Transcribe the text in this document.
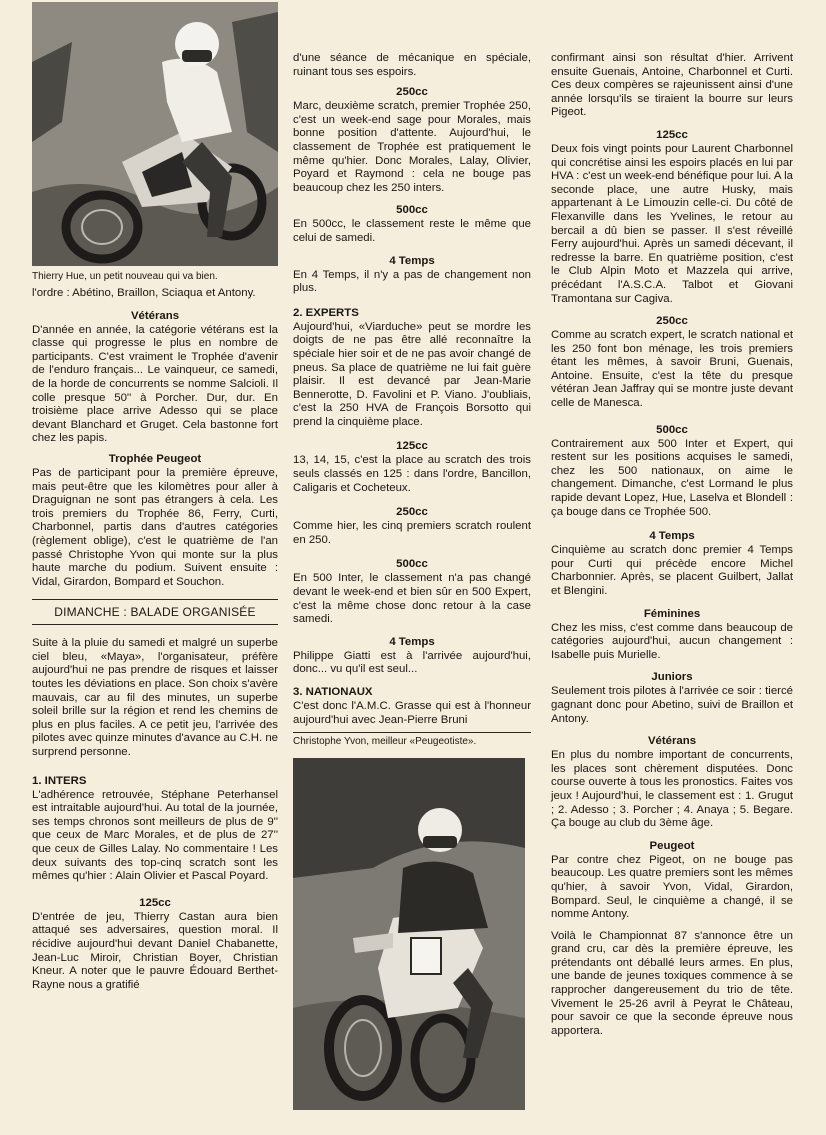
Thierry Hue, un petit nouveau qui va bien.

l'ordre : Abétino, Braillon, Sciaqua et Antony.

Vétérans

D'année en année, la catégorie vétérans est la classe qui progresse le plus en nombre de participants. C'est vraiment le Trophée d'avenir de l'enduro français... Le vainqueur, ce samedi, de la horde de concurrents se nomme Salcioli. Il colle presque 50'' à Porcher. Dur, dur. En troisième place arrive Adesso qui se place devant Blanchard et Gruget. Cela bastonne fort chez les papis.

Trophée Peugeot

Pas de participant pour la première épreuve, mais peut-être que les kilomètres pour aller à Draguignan ne sont pas étrangers à cela. Les trois premiers du Trophée 86, Ferry, Curti, Charbonnel, partis dans d'autres catégories (règlement oblige), c'est le quatrième de l'an passé Christophe Yvon qui monte sur la plus haute marche du podium. Suivent ensuite : Vidal, Girardon, Bompard et Souchon.

DIMANCHE : BALADE ORGANISÉE

Suite à la pluie du samedi et malgré un superbe ciel bleu, «Maya», l'organisateur, préfère aujourd'hui ne pas prendre de risques et laisser toutes les déviations en place. Son choix s'avère mauvais, car au fil des minutes, un superbe soleil brille sur la région et rend les chemins de plus en plus faciles. A ce petit jeu, l'arrivée des pilotes avec quinze minutes d'avance au C.H. ne surprend personne.

1. INTERS

L'adhérence retrouvée, Stéphane Peterhansel est intraitable aujourd'hui. Au total de la journée, ses temps chronos sont meilleurs de plus de 9'' que ceux de Marc Morales, et de plus de 27'' que ceux de Gilles Lalay. No commentaire ! Les deux suivants des top-cinq scratch sont les mêmes qu'hier : Alain Olivier et Pascal Poyard.

125cc

D'entrée de jeu, Thierry Castan aura bien attaqué ses adversaires, question moral. Il récidive aujourd'hui devant Daniel Chabanette, Jean-Luc Miroir, Christian Boyer, Christian Kneur. A noter que le pauvre Édouard Berthet-Rayne nous a gratifié

d'une séance de mécanique en spéciale, ruinant tous ses espoirs.

250cc

Marc, deuxième scratch, premier Trophée 250, c'est un week-end sage pour Morales, mais bonne position d'attente. Aujourd'hui, le classement de Trophée est pratiquement le même qu'hier. Donc Morales, Lalay, Olivier, Poyard et Raymond : cela ne bouge pas beaucoup chez les 250 inters.

500cc

En 500cc, le classement reste le même que celui de samedi.

4 Temps

En 4 Temps, il n'y a pas de changement non plus.

2. EXPERTS

Aujourd'hui, «Viarduche» peut se mordre les doigts de ne pas être allé reconnaître la spéciale hier soir et de ne pas avoir changé de pneus. Sa place de quatrième ne lui fait guère plaisir. Il est devancé par Jean-Marie Bennerotte, D. Favolini et P. Viano. J'oubliais, c'est la 250 HVA de François Borsotto qui prend la cinquième place.

125cc

13, 14, 15, c'est la place au scratch des trois seuls classés en 125 : dans l'ordre, Bancillon, Caligaris et Cocheteux.

250cc

Comme hier, les cinq premiers scratch roulent en 250.

500cc

En 500 Inter, le classement n'a pas changé devant le week-end et bien sûr en 500 Expert, c'est la même chose donc retour à la case samedi.

4 Temps

Philippe Giatti est à l'arrivée aujourd'hui, donc... vu qu'il est seul...

3. NATIONAUX

C'est donc l'A.M.C. Grasse qui est à l'honneur aujourd'hui avec Jean-Pierre Bruni

Christophe Yvon, meilleur «Peugeotiste».

confirmant ainsi son résultat d'hier. Arrivent ensuite Guenais, Antoine, Charbonnel et Curti. Ces deux compères se rajeunissent ainsi d'une année lorsqu'ils se tiraient la bourre sur leurs Pigeot.

125cc

Deux fois vingt points pour Laurent Charbonnel qui concrétise ainsi les espoirs placés en lui par HVA : c'est un week-end bénéfique pour lui. A la seconde place, une autre Husky, mais appartenant à Le Limouzin celle-ci. Du côté de Flexanville dans les Yvelines, le retour au bercail a dû bien se passer. Il s'est réveillé Ferry aujourd'hui. Après un samedi décevant, il redresse la barre. En quatrième position, c'est le Club Alpin Moto et Mazzela qui arrive, précédant l'A.S.C.A. Talbot et Giovani Tramontana sur Cagiva.

250cc

Comme au scratch expert, le scratch national et les 250 font bon ménage, les trois premiers étant les mêmes, à savoir Bruni, Guenais, Antoine. Ensuite, c'est la tête du presque vétéran Jean Jaffray qui se montre juste devant celle de Manesca.

500cc

Contrairement aux 500 Inter et Expert, qui restent sur les positions acquises le samedi, chez les 500 nationaux, on aime le changement. Dimanche, c'est Lormand le plus rapide devant Lopez, Hue, Laselva et Blondell : ça bouge dans ce Trophée 500.

4 Temps

Cinquième au scratch donc premier 4 Temps pour Curti qui précède encore Michel Charbonnier. Après, se placent Guilbert, Jallat et Blengini.

Féminines

Chez les miss, c'est comme dans beaucoup de catégories aujourd'hui, aucun changement : Isabelle puis Murielle.

Juniors

Seulement trois pilotes à l'arrivée ce soir : tiercé gagnant donc pour Abetino, suivi de Braillon et Antony.

Vétérans

En plus du nombre important de concurrents, les places sont chèrement disputées. Donc course ouverte à tous les pronostics. Faites vos jeux ! Aujourd'hui, le classement est : 1. Grugut ; 2. Adesso ; 3. Porcher ; 4. Anaya ; 5. Begare. Ça bouge au club du 3ème âge.

Peugeot

Par contre chez Pigeot, on ne bouge pas beaucoup. Les quatre premiers sont les mêmes qu'hier, à savoir Yvon, Vidal, Girardon, Bompard. Seul, le cinquième a changé, il se nomme Antony.

Voilà le Championnat 87 s'annonce être un grand cru, car dès la première épreuve, les prétendants ont déballé leurs armes. En plus, une bande de jeunes toxiques commence à se rapprocher dangereusement du trio de tête. Vivement le 25-26 avril à Peyrat le Château, pour savoir ce que la seconde épreuve nous apportera.
